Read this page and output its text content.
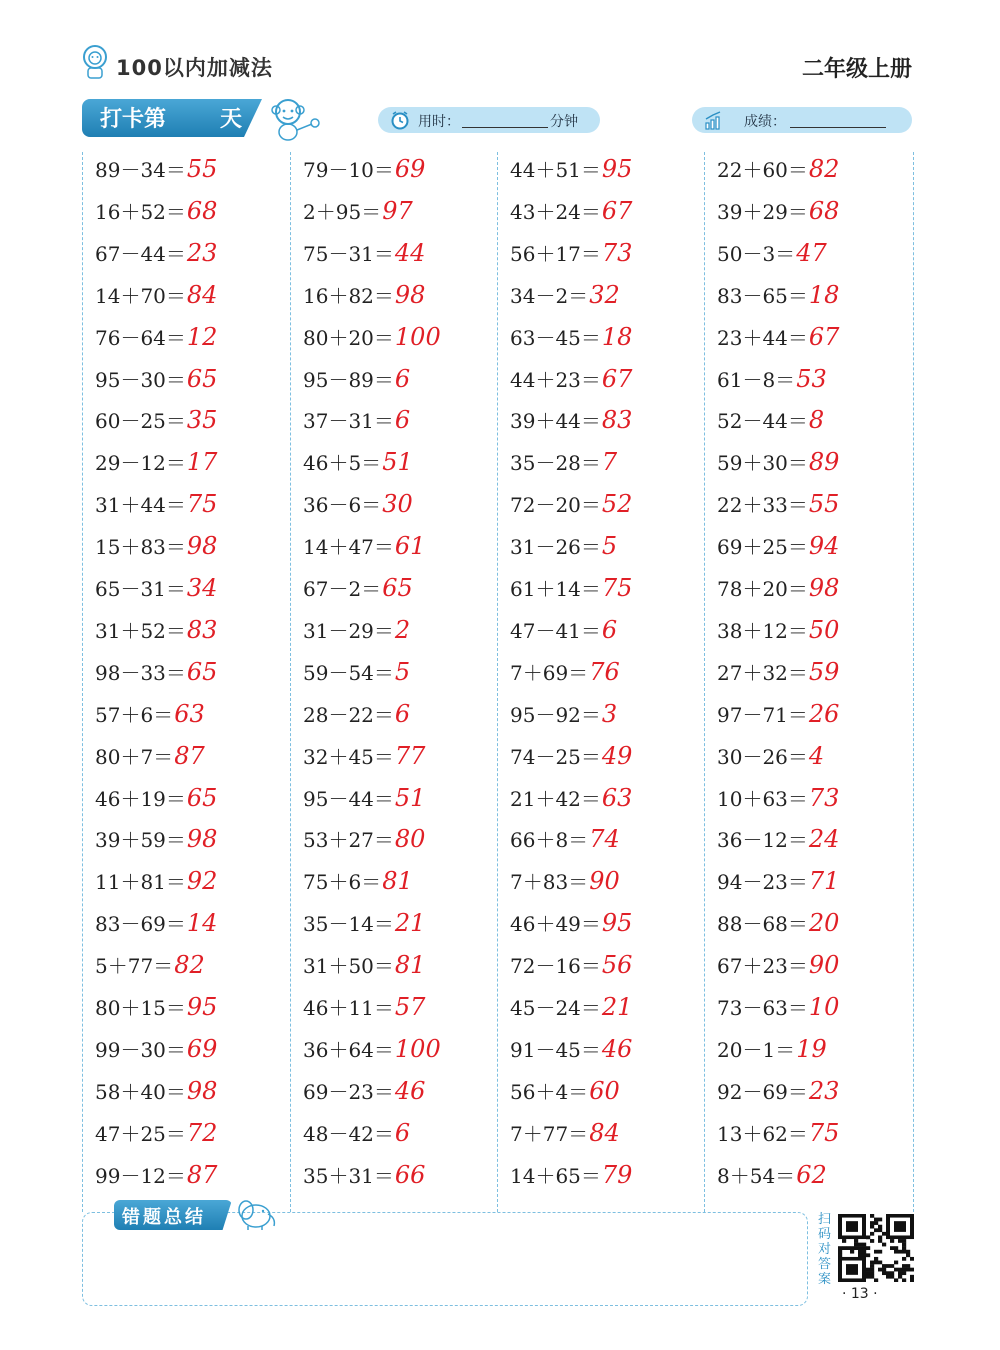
100以内加减法	二年级上册
打卡第 天	用时：	分钟	成绩：
89－34＝55
16＋52＝68
67－44＝23
14＋70＝84
76－64＝12
95－30＝65
60－25＝35
29－12＝17
31＋44＝75
15＋83＝98
65－31＝34
31＋52＝83
98－33＝65
57＋6＝63
80＋7＝87
46＋19＝65
39＋59＝98
11＋81＝92
83－69＝14
5＋77＝82
80＋15＝95
99－30＝69
58＋40＝98
47＋25＝72
99－12＝87
79－10＝69
2＋95＝97
75－31＝44
16＋82＝98
80＋20＝100
95－89＝6
37－31＝6
46＋5＝51
36－6＝30
14＋47＝61
67－2＝65
31－29＝2
59－54＝5
28－22＝6
32＋45＝77
95－44＝51
53＋27＝80
75＋6＝81
35－14＝21
31＋50＝81
46＋11＝57
36＋64＝100
69－23＝46
48－42＝6
35＋31＝66
44＋51＝95
43＋24＝67
56＋17＝73
34－2＝32
63－45＝18
44＋23＝67
39＋44＝83
35－28＝7
72－20＝52
31－26＝5
61＋14＝75
47－41＝6
7＋69＝76
95－92＝3
74－25＝49
21＋42＝63
66＋8＝74
7＋83＝90
46＋49＝95
72－16＝56
45－24＝21
91－45＝46
56＋4＝60
7＋77＝84
14＋65＝79
22＋60＝82
39＋29＝68
50－3＝47
83－65＝18
23＋44＝67
61－8＝53
52－44＝8
59＋30＝89
22＋33＝55
69＋25＝94
78＋20＝98
38＋12＝50
27＋32＝59
97－71＝26
30－26＝4
10＋63＝73
36－12＝24
94－23＝71
88－68＝20
67＋23＝90
73－63＝10
20－1＝19
92－69＝23
13＋62＝75
8＋54＝62
错题总结	扫码对答案
· 13 ·
